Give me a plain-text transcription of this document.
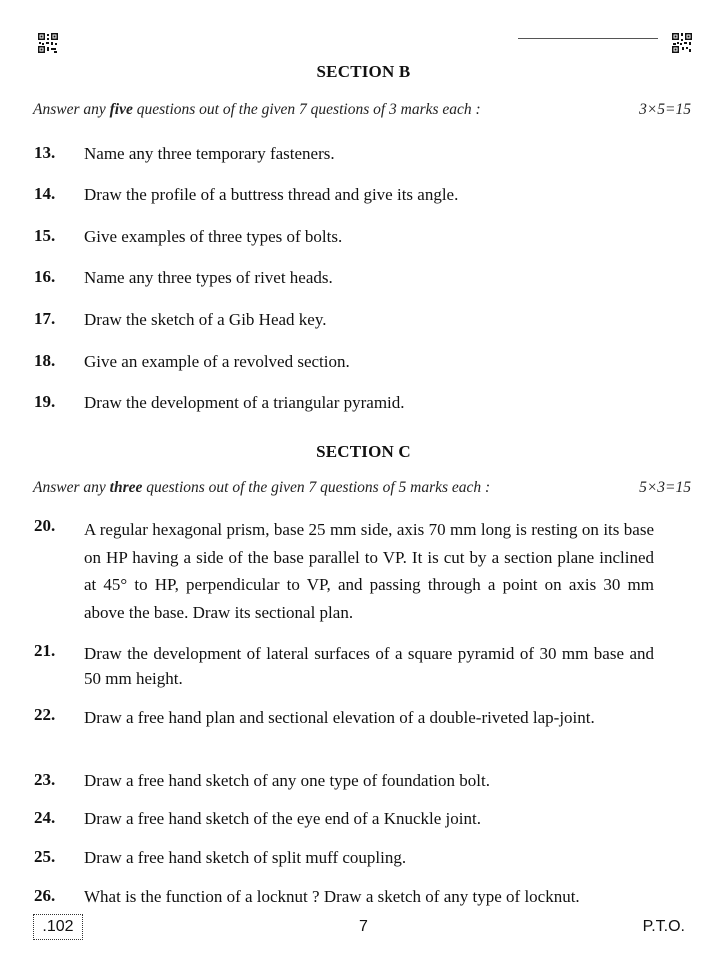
SECTION B
Answer any five questions out of the given 7 questions of 3 marks each :	3×5=15
13.	Name any three temporary fasteners.
14.	Draw the profile of a buttress thread and give its angle.
15.	Give examples of three types of bolts.
16.	Name any three types of rivet heads.
17.	Draw the sketch of a Gib Head key.
18.	Give an example of a revolved section.
19.	Draw the development of a triangular pyramid.
SECTION C
Answer any three questions out of the given 7 questions of 5 marks each :	5×3=15
20.	A regular hexagonal prism, base 25 mm side, axis 70 mm long is resting on its base on HP having a side of the base parallel to VP. It is cut by a section plane inclined at 45° to HP, perpendicular to VP, and passing through a point on axis 30 mm above the base. Draw its sectional plan.
21.	Draw the development of lateral surfaces of a square pyramid of 30 mm base and 50 mm height.
22.	Draw a free hand plan and sectional elevation of a double-riveted lap-joint.
23.	Draw a free hand sketch of any one type of foundation bolt.
24.	Draw a free hand sketch of the eye end of a Knuckle joint.
25.	Draw a free hand sketch of split muff coupling.
26.	What is the function of a locknut ? Draw a sketch of any type of locknut.
.102	7	P.T.O.
